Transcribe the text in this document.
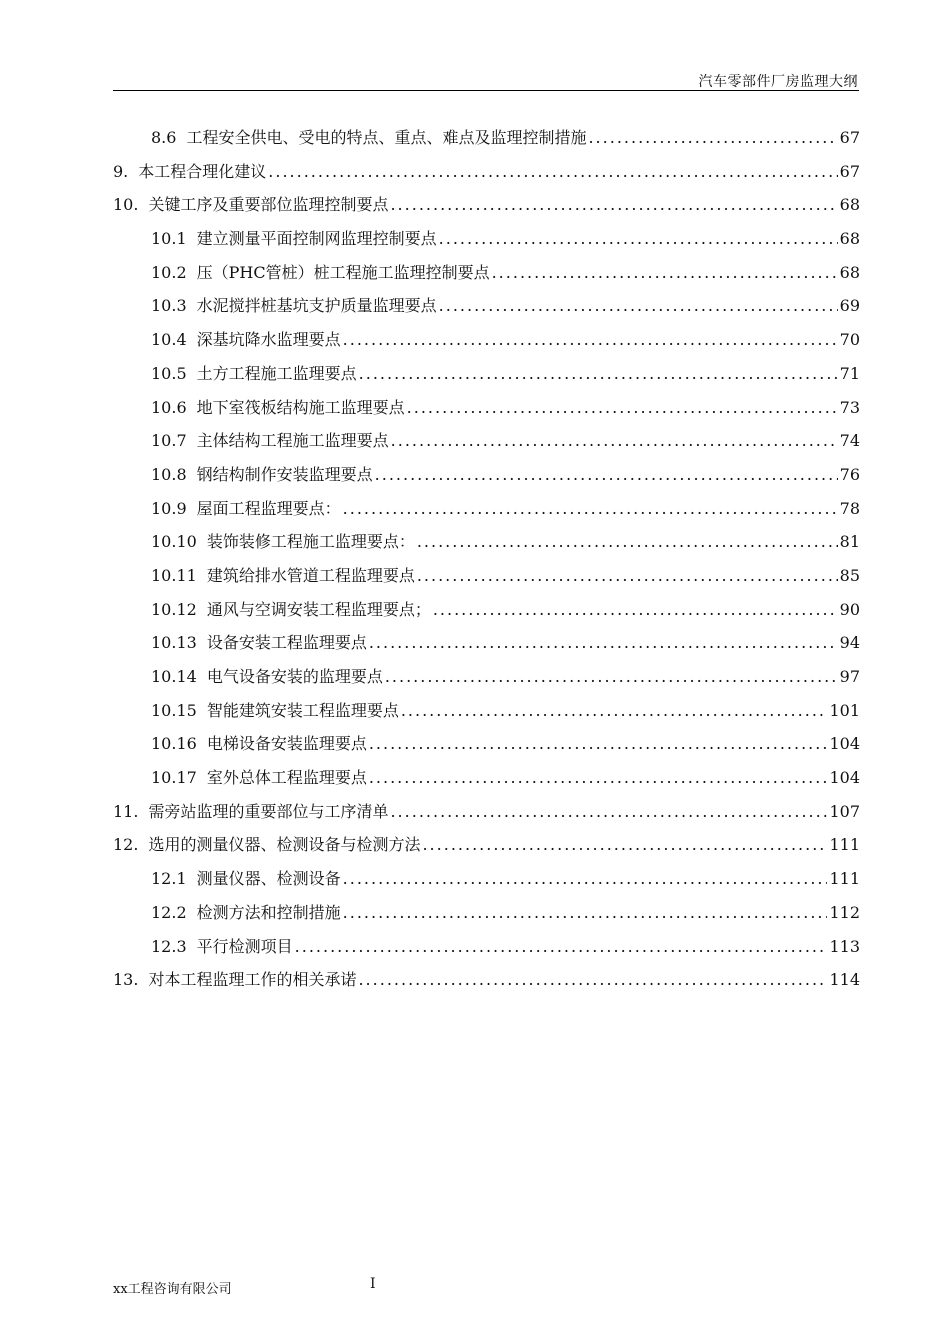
汽车零部件厂房监理大纲
8.6 工程安全供电、受电的特点、重点、难点及监理控制措施 .....	67
9. 本工程合理化建议 .....	67
10. 关键工序及重要部位监理控制要点 .....	68
10.1 建立测量平面控制网监理控制要点 .....	68
10.2 压（PHC管桩）桩工程施工监理控制要点 .....	68
10.3 水泥搅拌桩基坑支护质量监理要点 .....	69
10.4 深基坑降水监理要点 .....	70
10.5 土方工程施工监理要点 .....	71
10.6 地下室筏板结构施工监理要点 .....	73
10.7 主体结构工程施工监理要点 .....	74
10.8 钢结构制作安装监理要点 .....	76
10.9 屋面工程监理要点： .....	78
10.10 装饰装修工程施工监理要点： .....	81
10.11 建筑给排水管道工程监理要点 .....	85
10.12 通风与空调安装工程监理要点； .....	90
10.13 设备安装工程监理要点 .....	94
10.14 电气设备安装的监理要点 .....	97
10.15 智能建筑安装工程监理要点 .....	101
10.16 电梯设备安装监理要点 .....	104
10.17 室外总体工程监理要点 .....	104
11. 需旁站监理的重要部位与工序清单 .....	107
12. 选用的测量仪器、检测设备与检测方法 .....	111
12.1 测量仪器、检测设备 .....	111
12.2 检测方法和控制措施 .....	112
12.3 平行检测项目 .....	113
13. 对本工程监理工作的相关承诺 .....	114
xx工程咨询有限公司	I
